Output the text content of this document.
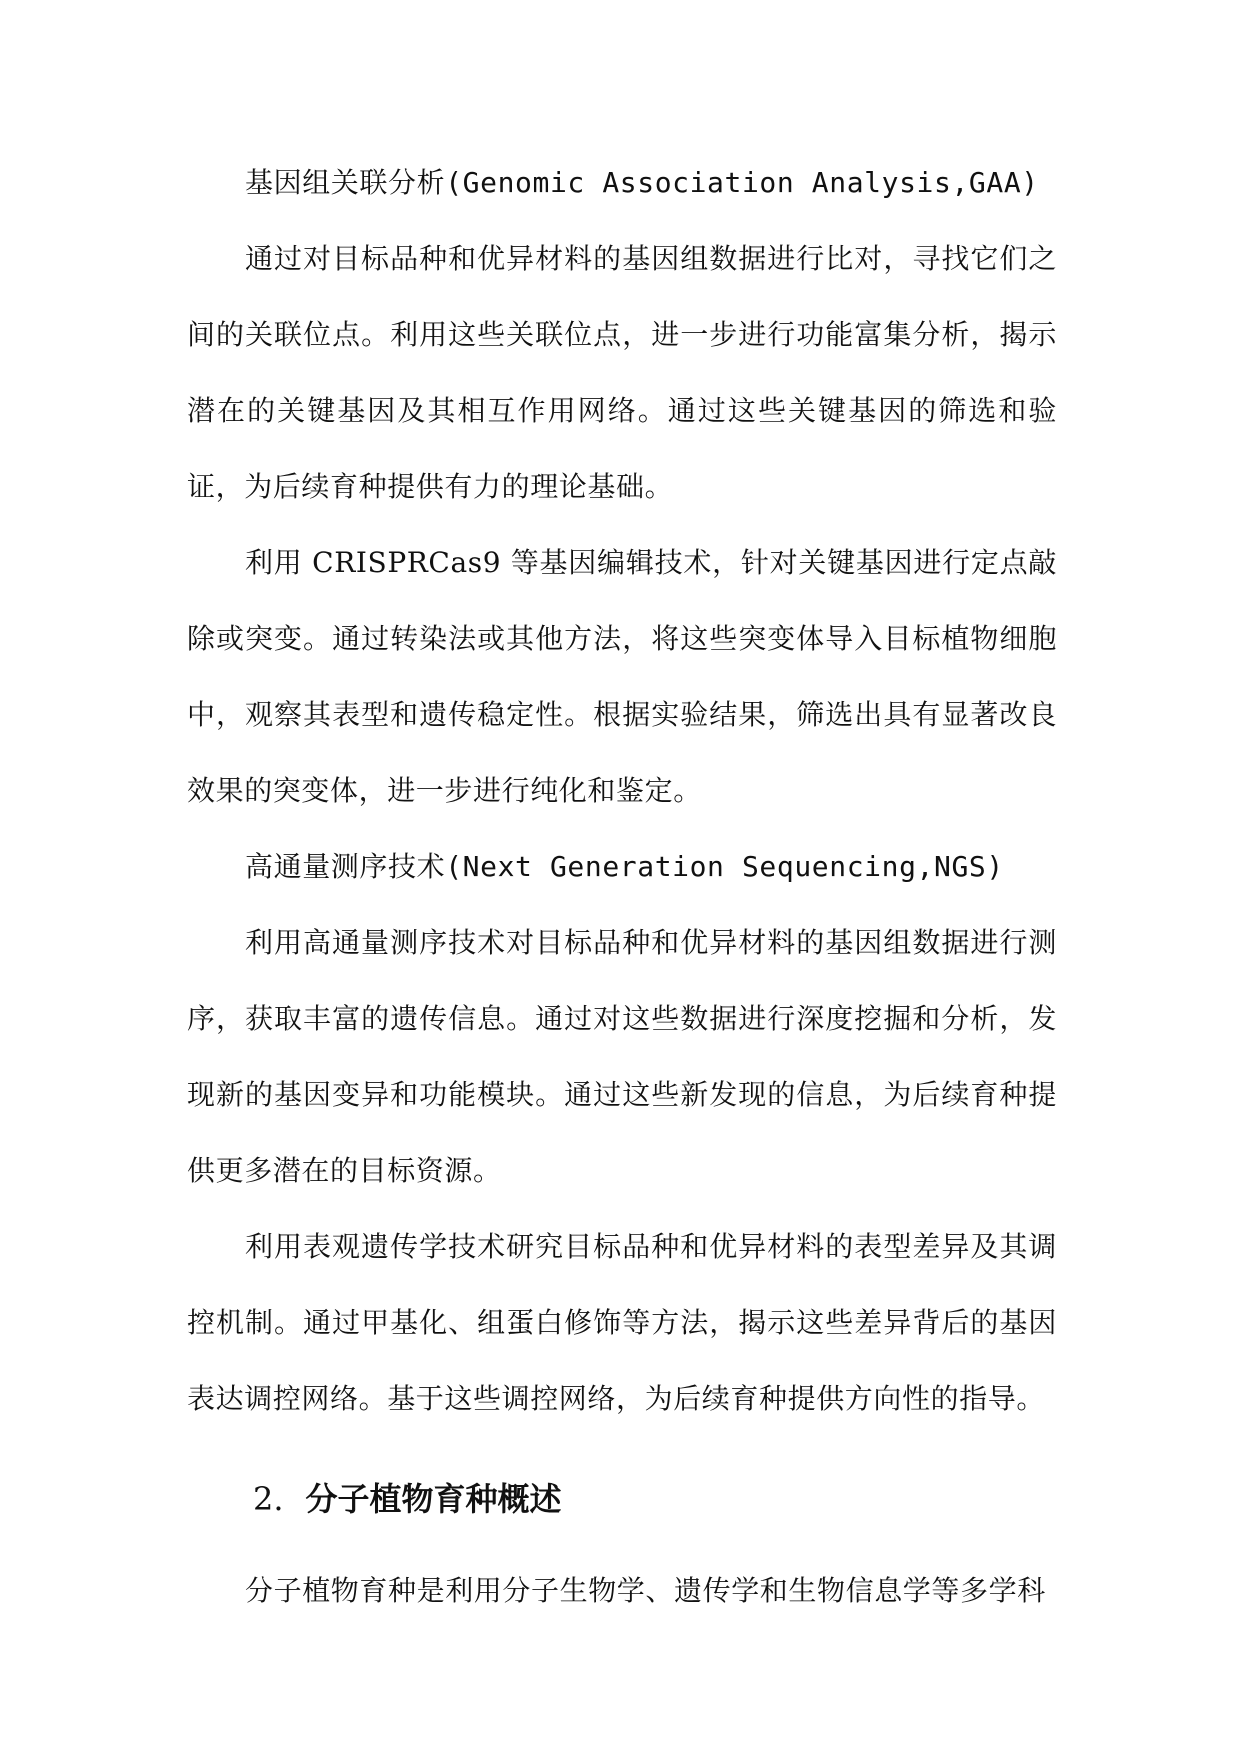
基因组关联分析(Genomic Association Analysis,GAA)

通过对目标品种和优异材料的基因组数据进行比对，寻找它们之间的关联位点。利用这些关联位点，进一步进行功能富集分析，揭示潜在的关键基因及其相互作用网络。通过这些关键基因的筛选和验证，为后续育种提供有力的理论基础。

利用 CRISPRCas9 等基因编辑技术，针对关键基因进行定点敲除或突变。通过转染法或其他方法，将这些突变体导入目标植物细胞中，观察其表型和遗传稳定性。根据实验结果，筛选出具有显著改良效果的突变体，进一步进行纯化和鉴定。

高通量测序技术(Next Generation Sequencing,NGS)

利用高通量测序技术对目标品种和优异材料的基因组数据进行测序，获取丰富的遗传信息。通过对这些数据进行深度挖掘和分析，发现新的基因变异和功能模块。通过这些新发现的信息，为后续育种提供更多潜在的目标资源。

利用表观遗传学技术研究目标品种和优异材料的表型差异及其调控机制。通过甲基化、组蛋白修饰等方法，揭示这些差异背后的基因表达调控网络。基于这些调控网络，为后续育种提供方向性的指导。

2. 分子植物育种概述

分子植物育种是利用分子生物学、遗传学和生物信息学等多学科
